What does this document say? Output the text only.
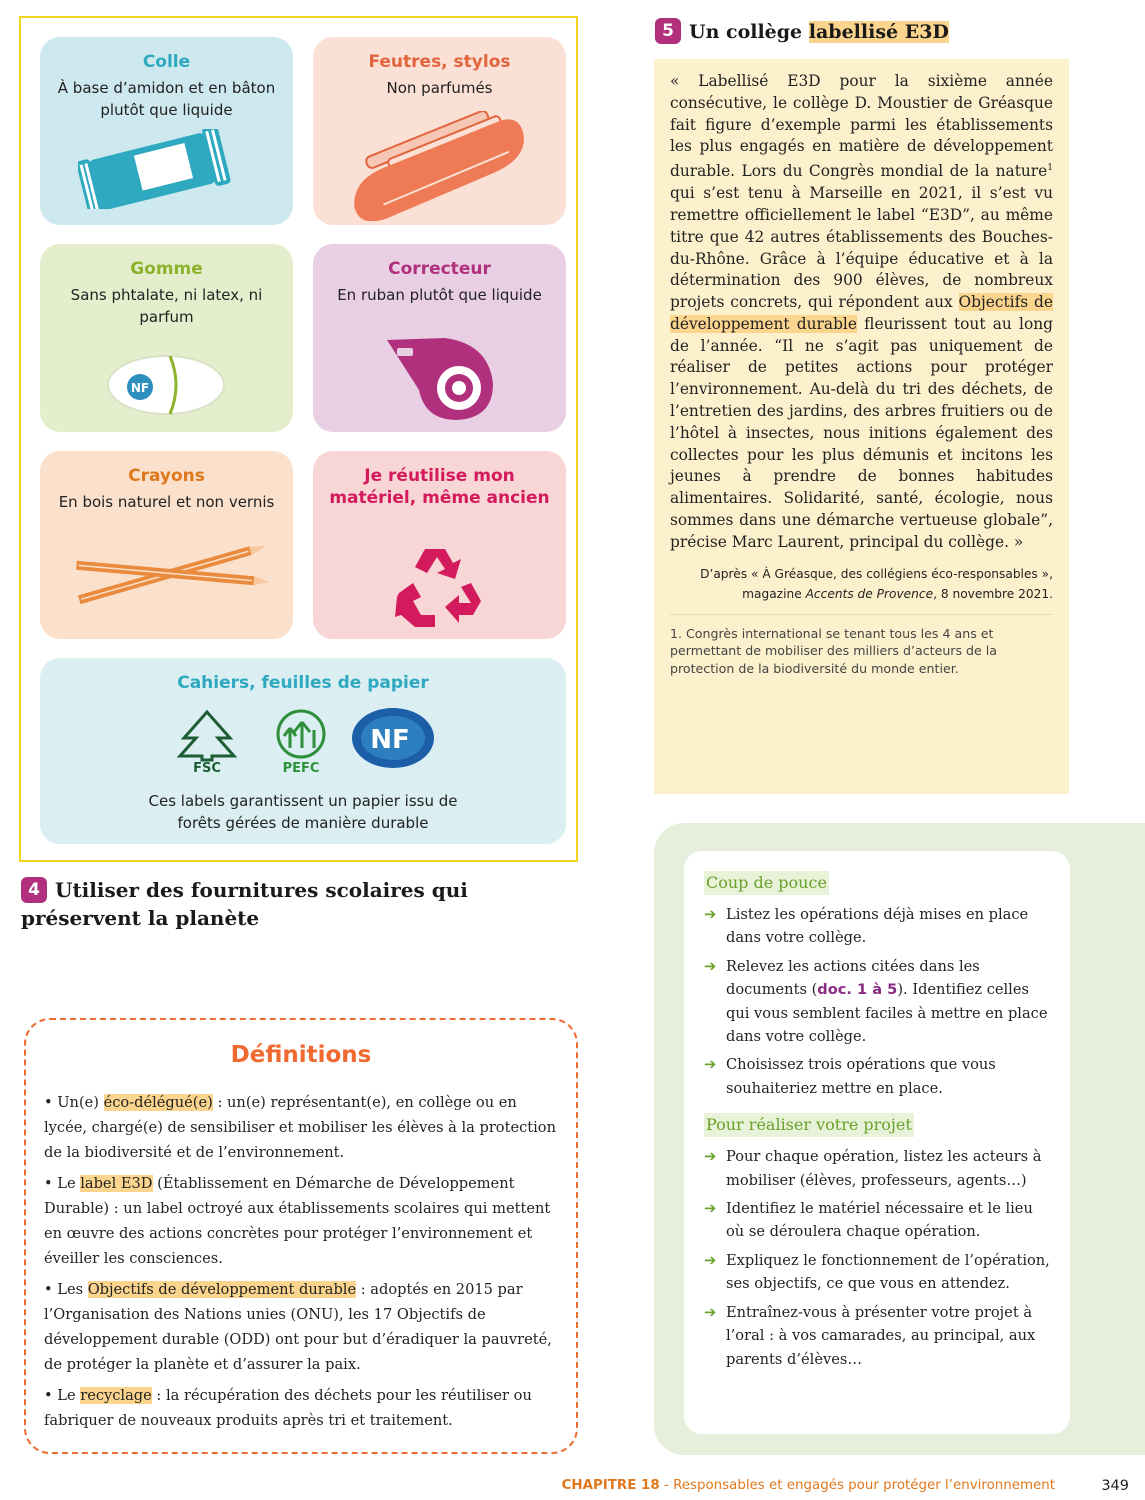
Colle
À base d’amidon et en bâton plutôt que liquide
Feutres, stylos
Non parfumés
Gomme
Sans phtalate, ni latex, ni parfum
NF
Correcteur
En ruban plutôt que liquide
Crayons
En bois naturel et non vernis
Je réutilise mon matériel, même ancien
Cahiers, feuilles de papier
FSC	PEFC
NF
Ces labels garantissent un papier issu de forêts gérées de manière durable
4 Utiliser des fournitures scolaires qui préservent la planète
Définitions

• Un(e) éco-délégué(e) : un(e) représentant(e), en collège ou en lycée, chargé(e) de sensibiliser et mobiliser les élèves à la protection de la biodiversité et de l’environnement.

• Le label E3D (Établissement en Démarche de Développement Durable) : un label octroyé aux établissements scolaires qui mettent en œuvre des actions concrètes pour protéger l’environnement et éveiller les consciences.

• Les Objectifs de développement durable : adoptés en 2015 par l’Organisation des Nations unies (ONU), les 17 Objectifs de développement durable (ODD) ont pour but d’éradiquer la pauvreté, de protéger la planète et d’assurer la paix.

• Le recyclage : la récupération des déchets pour les réutiliser ou fabriquer de nouveaux produits après tri et traitement.

5 Un collège labellisé E3D
« Labellisé E3D pour la sixième année consécutive, le collège D. Moustier de Gréasque fait figure d’exemple parmi les établissements les plus engagés en matière de développement durable. Lors du Congrès mondial de la nature$^1$ qui s’est tenu à Marseille en 2021, il s’est vu remettre officiellement le label “E3D”, au même titre que 42 autres établissements des Bouches-du-Rhône. Grâce à l’équipe éducative et à la détermination des 900 élèves, de nombreux projets concrets, qui répondent aux Objectifs de développement durable fleurissent tout au long de l’année. “Il ne s’agit pas uniquement de réaliser de petites actions pour protéger l’environnement. Au-delà du tri des déchets, de l’entretien des jardins, des arbres fruitiers ou de l’hôtel à insectes, nous initions également des collectes pour les plus démunis et incitons les jeunes à prendre de bonnes habitudes alimentaires. Solidarité, santé, écologie, nous sommes dans une démarche vertueuse globale”, précise Marc Laurent, principal du collège. »
D’après « À Gréasque, des collégiens éco-responsables »,
magazine Accents de Provence, 8 novembre 2021.
1. Congrès international se tenant tous les 4 ans et permettant de mobiliser des milliers d’acteurs de la protection de la biodiversité du monde entier.
Coup de pouce
➔ Listez les opérations déjà mises en place dans votre collège.
➔ Relevez les actions citées dans les documents (doc. 1 à 5). Identifiez celles qui vous semblent faciles à mettre en place dans votre collège.
➔ Choisissez trois opérations que vous souhaiteriez mettre en place.
Pour réaliser votre projet
➔ Pour chaque opération, listez les acteurs à mobiliser (élèves, professeurs, agents…)
➔ Identifiez le matériel nécessaire et le lieu où se déroulera chaque opération.
➔ Expliquez le fonctionnement de l’opération, ses objectifs, ce que vous en attendez.
➔ Entraînez-vous à présenter votre projet à l’oral : à vos camarades, au principal, aux parents d’élèves…
CHAPITRE 18 - Responsables et engagés pour protéger l’environnement	349
